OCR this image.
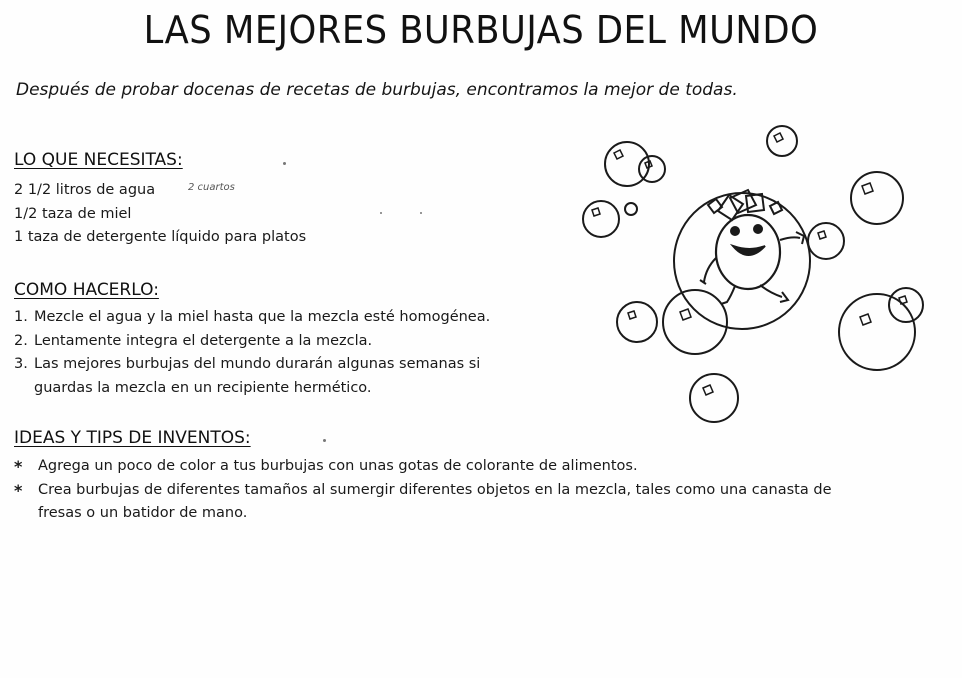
LAS MEJORES BURBUJAS DEL MUNDO
Después de probar docenas de recetas de burbujas, encontramos la mejor de todas.
LO QUE NECESITAS:
2 1/2 litros de agua
1/2 taza de miel
1 taza de detergente líquido para platos
2 cuartos
COMO HACERLO:
1. Mezcle el agua y la miel hasta que la mezcla esté homogénea.
2. Lentamente integra el detergente a la mezcla.
3. Las mejores burbujas del mundo durarán algunas semanas si
guardas la mezcla en un recipiente hermético.
IDEAS Y TIPS DE INVENTOS:
* Agrega un poco de color a tus burbujas con unas gotas de colorante de alimentos.
* Crea burbujas de diferentes tamaños al sumergir diferentes objetos en la mezcla, tales como una canasta de
fresas o un batidor de mano.
